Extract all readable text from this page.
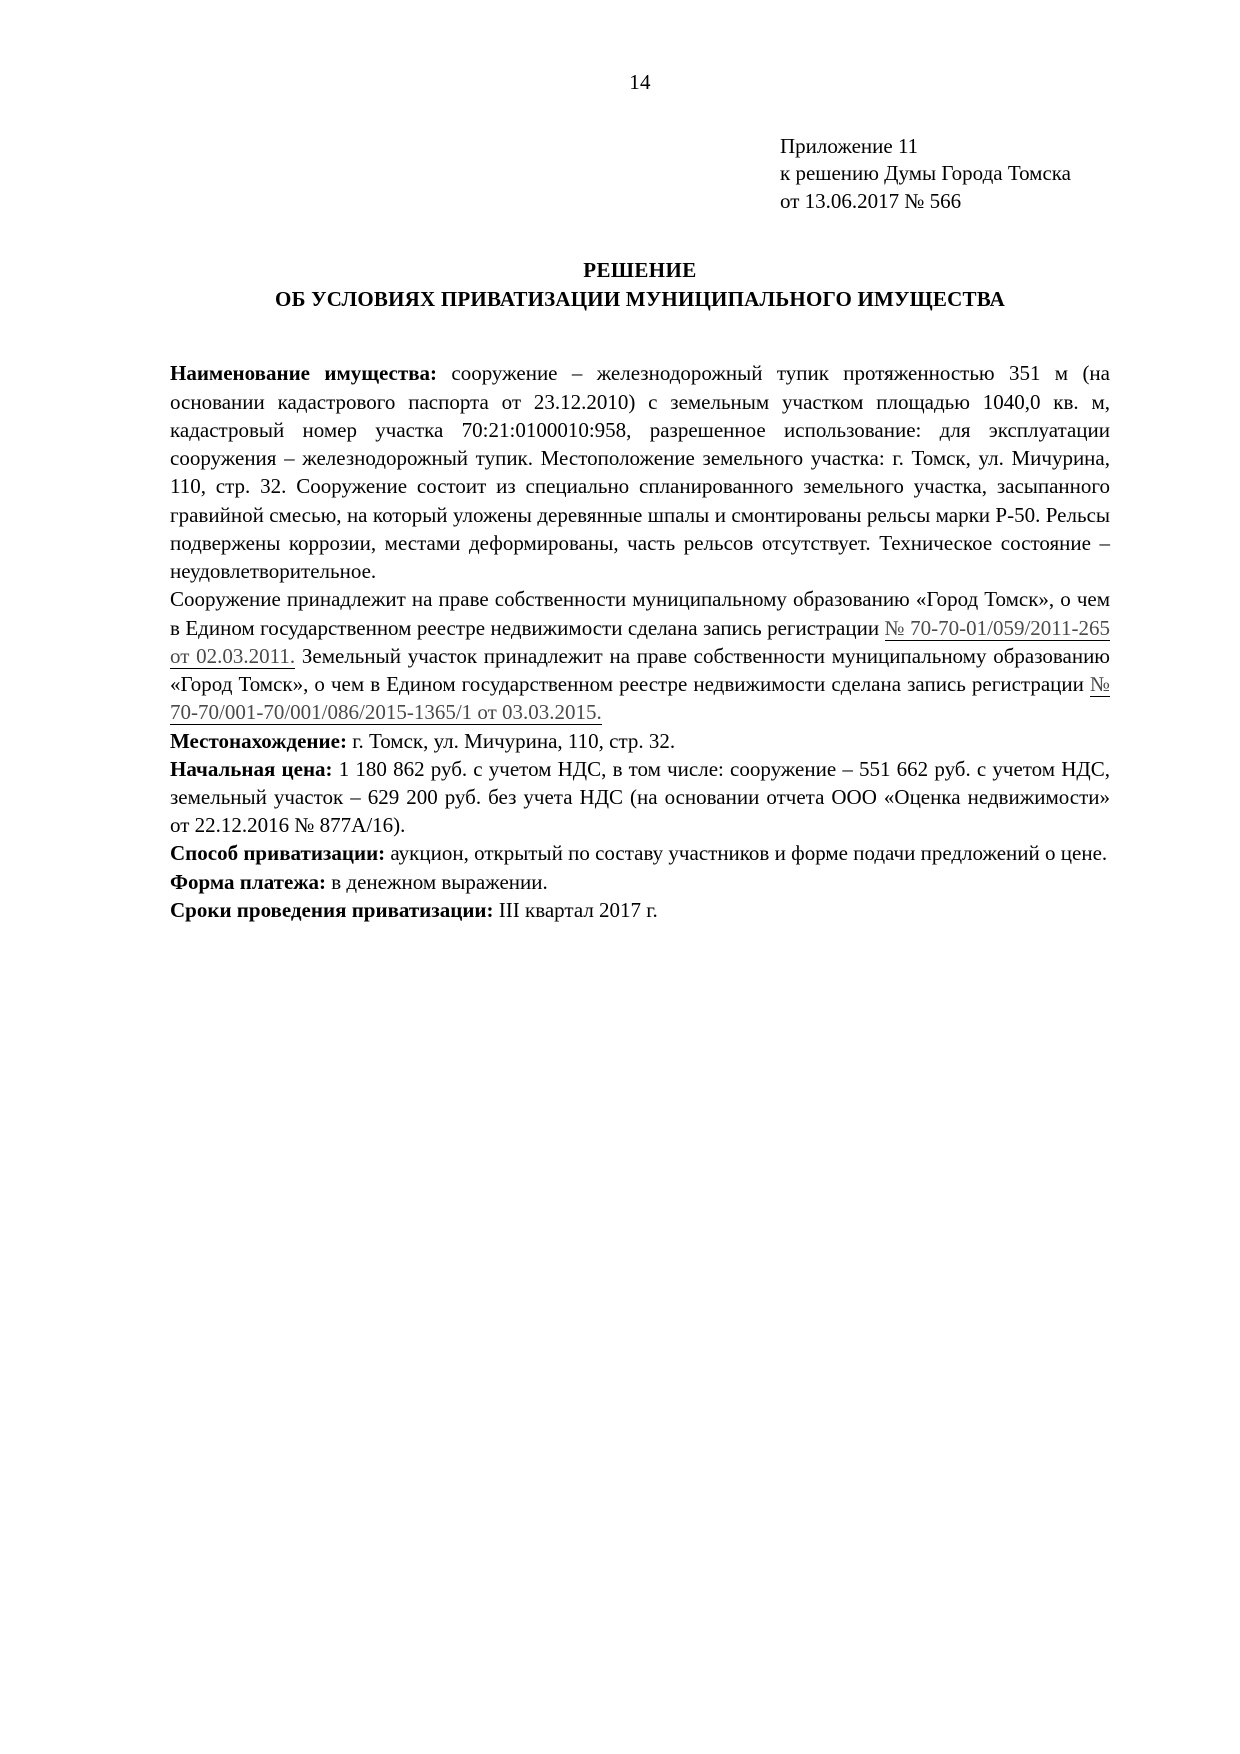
14
Приложение 11
к решению Думы Города Томска
от 13.06.2017 № 566
РЕШЕНИЕ
ОБ УСЛОВИЯХ ПРИВАТИЗАЦИИ МУНИЦИПАЛЬНОГО ИМУЩЕСТВА

Наименование имущества: сооружение – железнодорожный тупик протяженностью 351 м (на основании кадастрового паспорта от 23.12.2010) с земельным участком площадью 1040,0 кв. м, кадастровый номер участка 70:21:0100010:958, разрешенное использование: для эксплуатации сооружения – железнодорожный тупик. Местоположение земельного участка: г. Томск, ул. Мичурина, 110, стр. 32. Сооружение состоит из специально спланированного земельного участка, засыпанного гравийной смесью, на который уложены деревянные шпалы и смонтированы рельсы марки Р-50. Рельсы подвержены коррозии, местами деформированы, часть рельсов отсутствует. Техническое состояние – неудовлетворительное.

Сооружение принадлежит на праве собственности муниципальному образованию «Город Томск», о чем в Едином государственном реестре недвижимости сделана запись регистрации № 70-70-01/059/2011-265 от 02.03.2011. Земельный участок принадлежит на праве собственности муниципальному образованию «Город Томск», о чем в Едином государственном реестре недвижимости сделана запись регистрации № 70-70/001-70/001/086/2015-1365/1 от 03.03.2015.

Местонахождение: г. Томск, ул. Мичурина, 110, стр. 32.

Начальная цена: 1 180 862 руб. с учетом НДС, в том числе: сооружение – 551 662 руб. с учетом НДС, земельный участок – 629 200 руб. без учета НДС (на основании отчета ООО «Оценка недвижимости» от 22.12.2016 № 877А/16).

Способ приватизации: аукцион, открытый по составу участников и форме подачи предложений о цене.

Форма платежа: в денежном выражении.

Сроки проведения приватизации: III квартал 2017 г.
